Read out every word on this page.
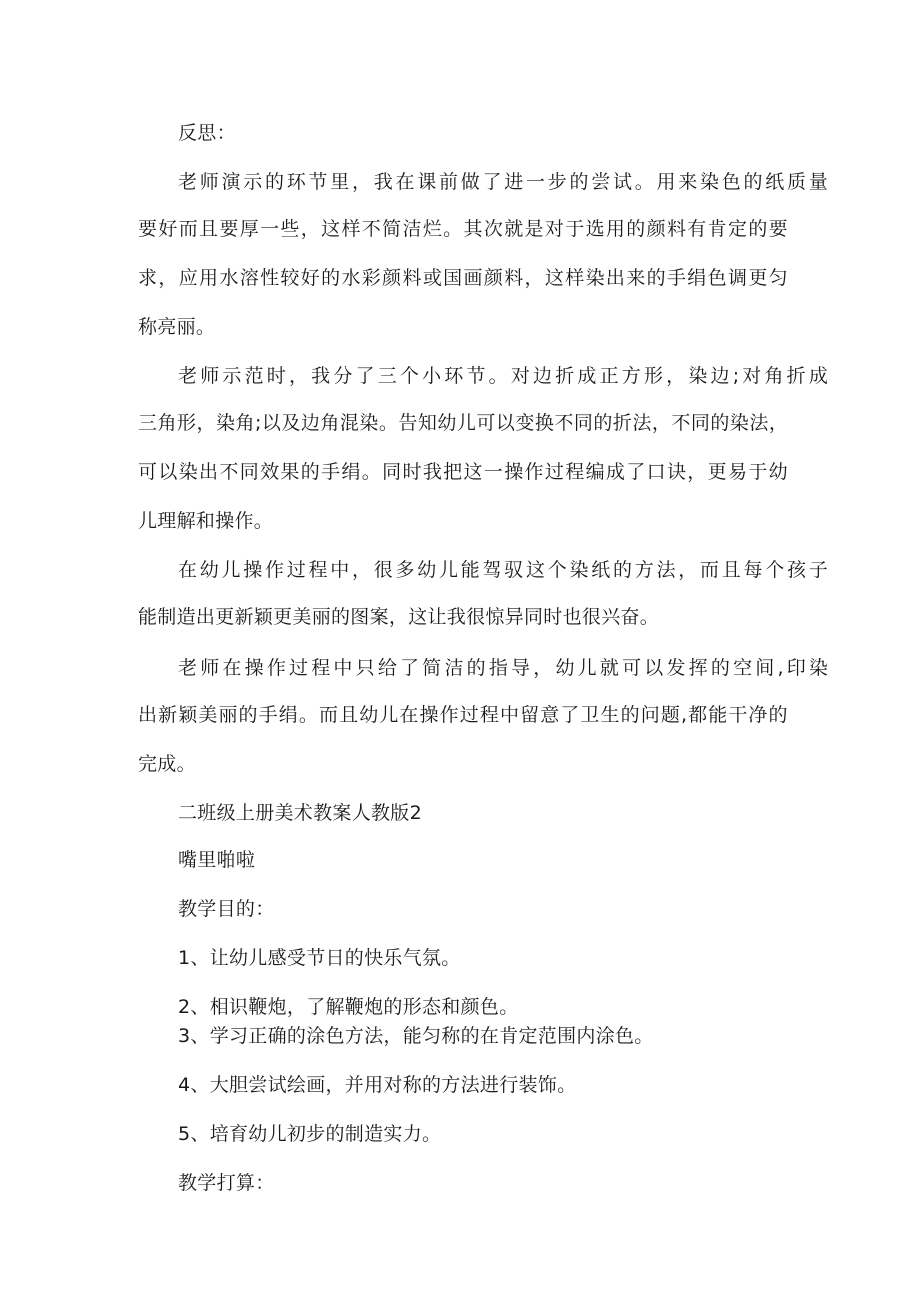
反思：
老 师 演 示 的 环 节 里 ， 我 在 课 前 做 了 进 一 步 的 尝 试 。 用 来 染 色 的 纸 质 量
要 好 而 且 要 厚 一 些 ， 这 样 不 简 洁 烂 。 其 次 就 是 对 于 选 用 的 颜 料 有 肯 定 的 要
求 ， 应 用 水 溶 性 较 好 的 水 彩 颜 料 或 国 画 颜 料 ， 这 样 染 出 来 的 手 绢 色 调 更 匀
称亮丽。
老 师 示 范 时 ， 我 分 了 三 个 小 环 节 。 对 边 折 成 正 方 形 ， 染 边 ; 对 角 折 成
三 角 形 ， 染 角 ; 以 及 边 角 混 染 。 告 知 幼 儿 可 以 变 换 不 同 的 折 法 ， 不 同 的 染 法 ，
可 以 染 出 不 同 效 果 的 手 绢 。 同 时 我 把 这 一 操 作 过 程 编 成 了 口 诀 ， 更 易 于 幼
儿理解和操作。
在 幼 儿 操 作 过 程 中 ， 很 多 幼 儿 能 驾 驭 这 个 染 纸 的 方 法 ， 而 且 每 个 孩 子
能制造出更新颖更美丽的图案，这让我很惊异同时也很兴奋。
老 师 在 操 作 过 程 中 只 给 了 简 洁 的 指 导 ， 幼 儿 就 可 以 发 挥 的 空 间 , 印 染
出 新 颖 美 丽 的 手 绢 。 而 且 幼 儿 在 操 作 过 程 中 留 意 了 卫 生 的 问 题 , 都 能 干 净 的
完成。
二班级上册美术教案人教版2
嘴里啪啦
教学目的：
1、让幼儿感受节日的快乐气氛。
2、相识鞭炮，了解鞭炮的形态和颜色。
3、学习正确的涂色方法，能匀称的在肯定范围内涂色。
4、大胆尝试绘画，并用对称的方法进行装饰。
5、培育幼儿初步的制造实力。
教学打算：
